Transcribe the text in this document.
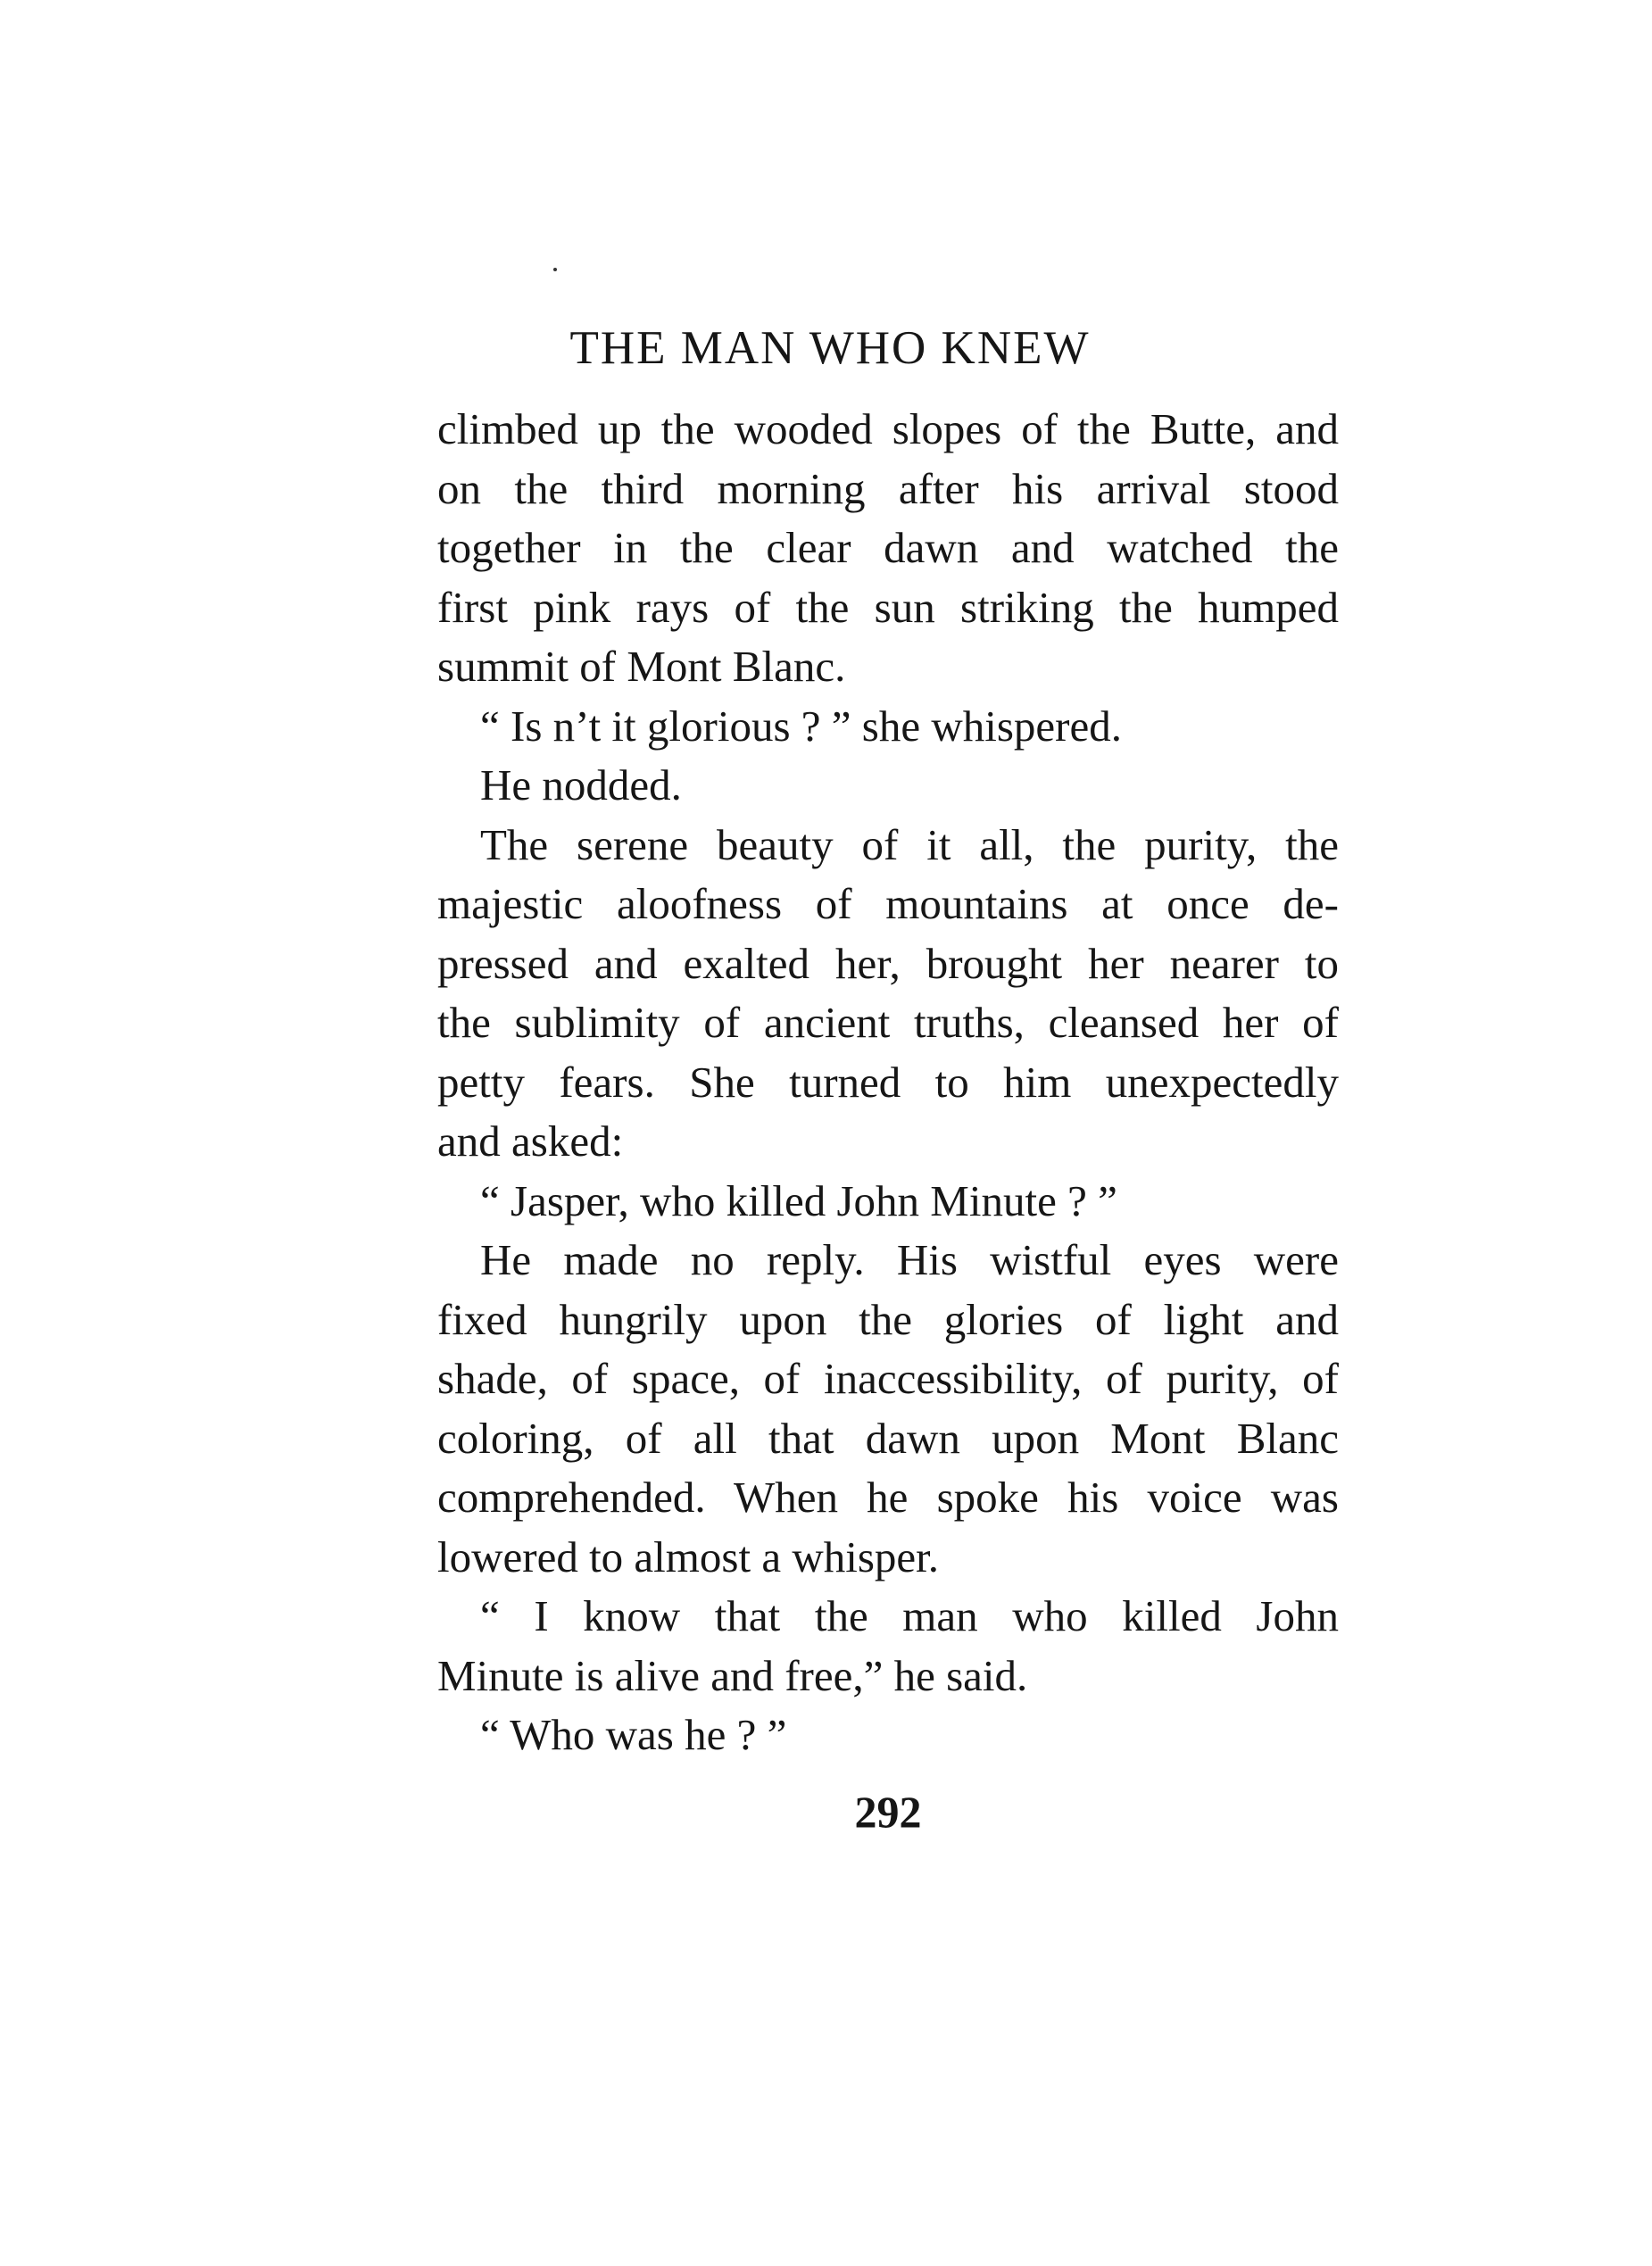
THE MAN WHO KNEW
climbed up the wooded slopes of the Butte, and
on the third morning after his arrival stood
together in the clear dawn and watched the
first pink rays of the sun striking the humped
summit of Mont Blanc.
“ Is n’t it glorious ? ” she whispered.
He nodded.
The serene beauty of it all, the purity, the
majestic aloofness of mountains at once de-
pressed and exalted her, brought her nearer to
the sublimity of ancient truths, cleansed her of
petty fears. She turned to him unexpectedly
and asked:
“ Jasper, who killed John Minute ? ”
He made no reply. His wistful eyes were
fixed hungrily upon the glories of light and
shade, of space, of inaccessibility, of purity, of
coloring, of all that dawn upon Mont Blanc
comprehended. When he spoke his voice was
lowered to almost a whisper.
“ I know that the man who killed John
Minute is alive and free,” he said.
“ Who was he ? ”
292
